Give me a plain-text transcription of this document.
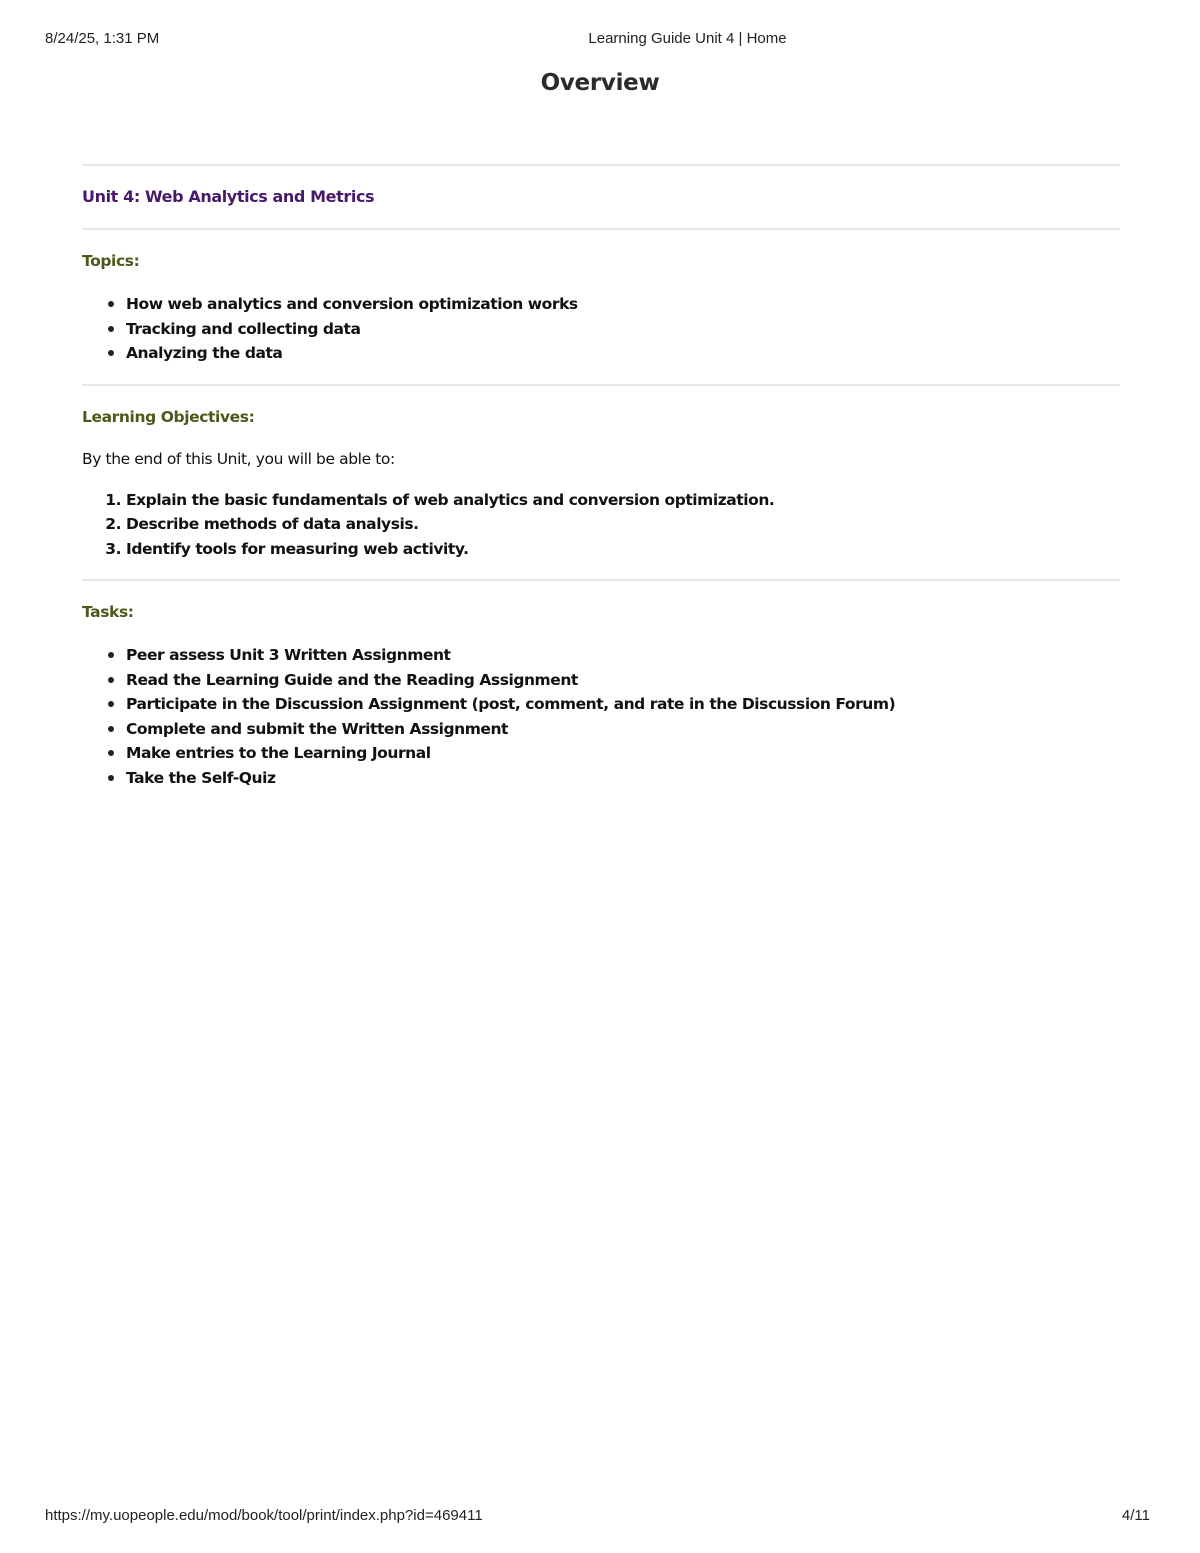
8/24/25, 1:31 PM	Learning Guide Unit 4 | Home
Overview
Unit 4: Web Analytics and Metrics
Topics:
How web analytics and conversion optimization works
Tracking and collecting data
Analyzing the data
Learning Objectives:

By the end of this Unit, you will be able to:

1. Explain the basic fundamentals of web analytics and conversion optimization.
2. Describe methods of data analysis.
3. Identify tools for measuring web activity.
Tasks:
Peer assess Unit 3 Written Assignment
Read the Learning Guide and the Reading Assignment
Participate in the Discussion Assignment (post, comment, and rate in the Discussion Forum)
Complete and submit the Written Assignment
Make entries to the Learning Journal
Take the Self-Quiz
https://my.uopeople.edu/mod/book/tool/print/index.php?id=469411	4/11
